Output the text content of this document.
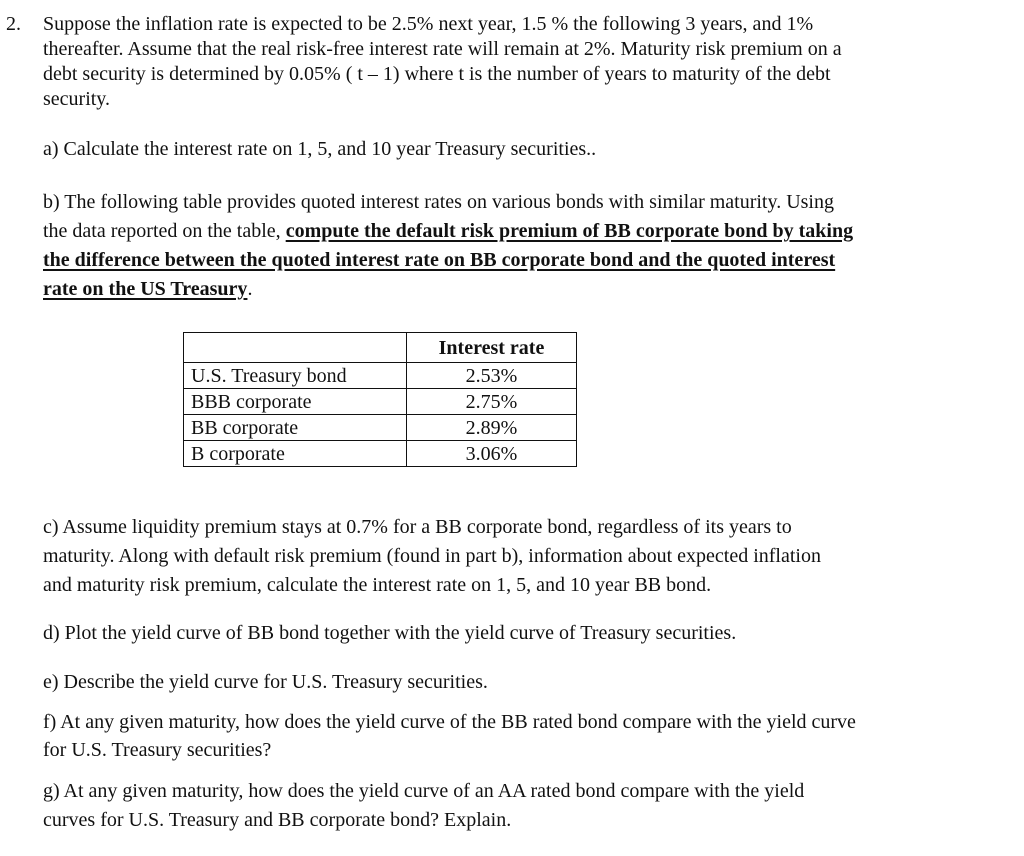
2. Suppose the inflation rate is expected to be 2.5% next year, 1.5 % the following 3 years, and 1%
thereafter. Assume that the real risk-free interest rate will remain at 2%. Maturity risk premium on a
debt security is determined by 0.05% ( t – 1) where t is the number of years to maturity of the debt
security.
a) Calculate the interest rate on 1, 5, and 10 year Treasury securities..
b) The following table provides quoted interest rates on various bonds with similar maturity. Using
the data reported on the table, compute the default risk premium of BB corporate bond by taking
the difference between the quoted interest rate on BB corporate bond and the quoted interest
rate on the US Treasury.
	Interest rate
U.S. Treasury bond	2.53%
BBB corporate	2.75%
BB corporate	2.89%
B corporate	3.06%
c) Assume liquidity premium stays at 0.7% for a BB corporate bond, regardless of its years to
maturity. Along with default risk premium (found in part b), information about expected inflation
and maturity risk premium, calculate the interest rate on 1, 5, and 10 year BB bond.
d) Plot the yield curve of BB bond together with the yield curve of Treasury securities.
e) Describe the yield curve for U.S. Treasury securities.
f) At any given maturity, how does the yield curve of the BB rated bond compare with the yield curve
for U.S. Treasury securities?
g) At any given maturity, how does the yield curve of an AA rated bond compare with the yield
curves for U.S. Treasury and BB corporate bond? Explain.
